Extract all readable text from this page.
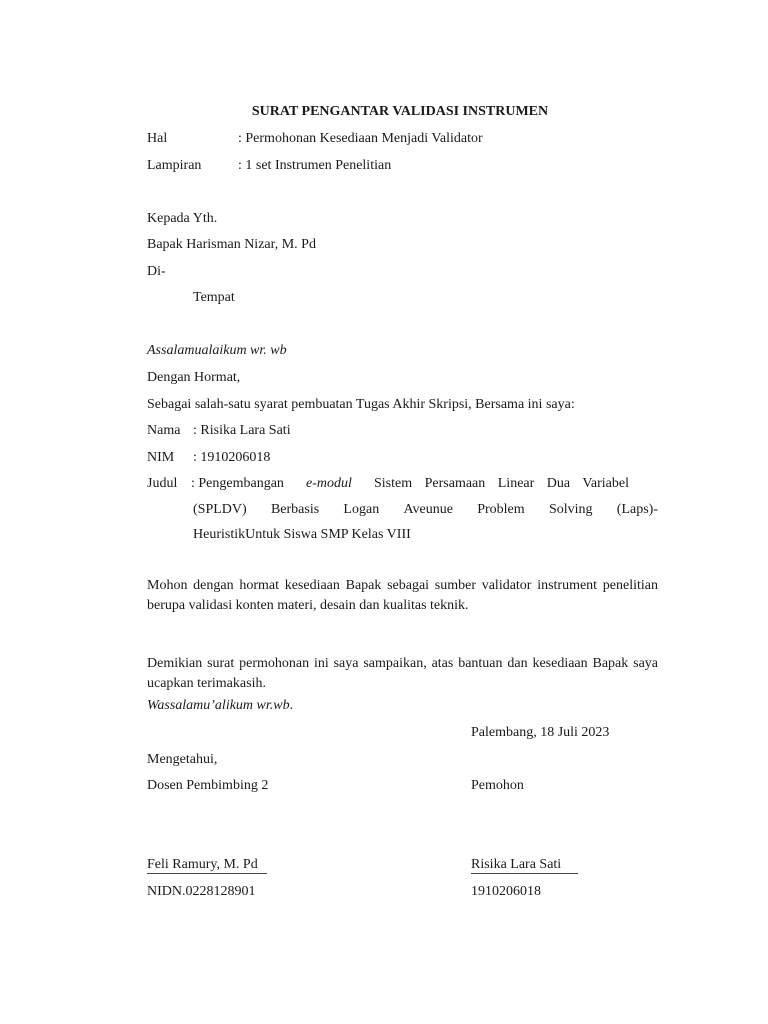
SURAT PENGANTAR VALIDASI INSTRUMEN
Hal	: Permohonan Kesediaan Menjadi Validator
Lampiran	: 1 set Instrumen Penelitian
Kepada Yth.
Bapak Harisman Nizar, M. Pd
Di-
Tempat
Assalamualaikum wr. wb
Dengan Hormat,
Sebagai salah-satu syarat pembuatan Tugas Akhir Skripsi, Bersama ini saya:
Nama : Risika Lara Sati
NIM : 1910206018
Judul : Pengembangan e-modul Sistem Persamaan Linear Dua Variabel
(SPLDV) Berbasis Logan Aveunue Problem Solving (Laps)-
HeuristikUntuk Siswa SMP Kelas VIII
Mohon dengan hormat kesediaan Bapak sebagai sumber validator instrument penelitian berupa validasi konten materi, desain dan kualitas teknik.
Demikian surat permohonan ini saya sampaikan, atas bantuan dan kesediaan Bapak saya ucapkan terimakasih.
Wassalamu’alikum wr.wb.
Palembang, 18 Juli 2023
Mengetahui,
Dosen Pembimbing 2	Pemohon
Feli Ramury, M. Pd	Risika Lara Sati
NIDN.0228128901	1910206018
